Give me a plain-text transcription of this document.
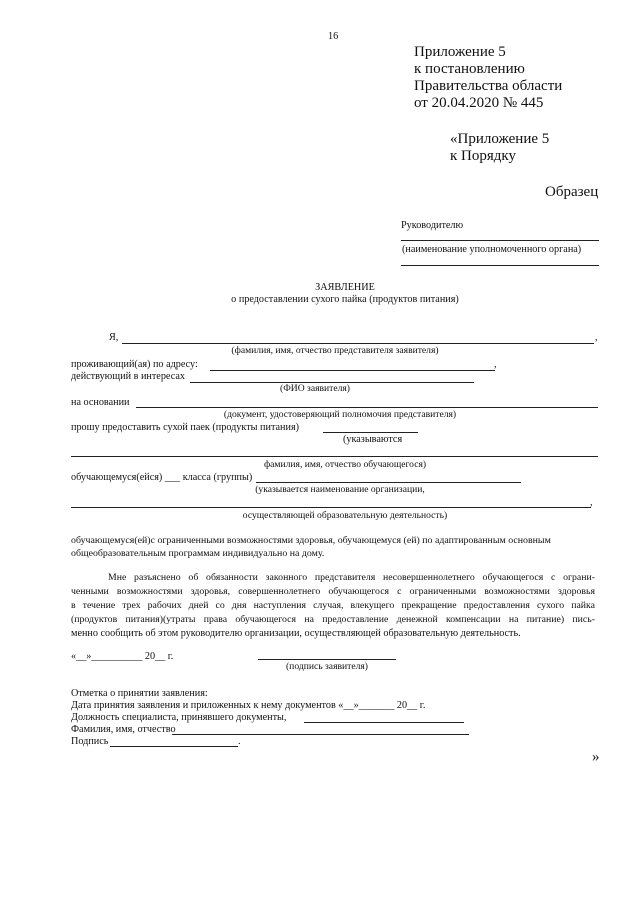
16
Приложение 5
к постановлению
Правительства области
от 20.04.2020 № 445
«Приложение 5
к Порядку
Образец
Руководителю
(наименование уполномоченного органа)
ЗАЯВЛЕНИЕ
о предоставлении сухого пайка (продуктов питания)
Я,	,
(фамилия, имя, отчество представителя заявителя)
проживающий(ая) по адресу:	,
действующий в интересах
(ФИО заявителя)
на основании
(документ, удостоверяющий полномочия представителя)
прошу предоставить сухой паек (продукты питания)
(указываются
фамилия, имя, отчество обучающегося)
обучающемуся(ейся) ___ класса (группы)
(указывается наименование организации,
,
осуществляющей образовательную деятельность)
обучающемуся(ей)с ограниченными возможностями здоровья, обучающемуся (ей) по адаптированным основным
общеобразовательным программам индивидуально на дому.
Мне разъяснено об обязанности законного представителя несовершеннолетнего обучающегося с ограни-
ченными возможностями здоровья, совершеннолетнего обучающегося с ограниченными возможностями здоровья
в течение трех рабочих дней со дня наступления случая, влекущего прекращение предоставления сухого пайка
(продуктов питания)(утраты права обучающегося на предоставление денежной компенсации на питание) пись-
менно сообщить об этом руководителю организации, осуществляющей образовательную деятельность.
«__»__________ 20__ г.
(подпись заявителя)
Отметка о принятии заявления:
Дата принятия заявления и приложенных к нему документов «__»_______ 20__ г.
Должность специалиста, принявшего документы,
Фамилия, имя, отчество
Подпись	.
»
